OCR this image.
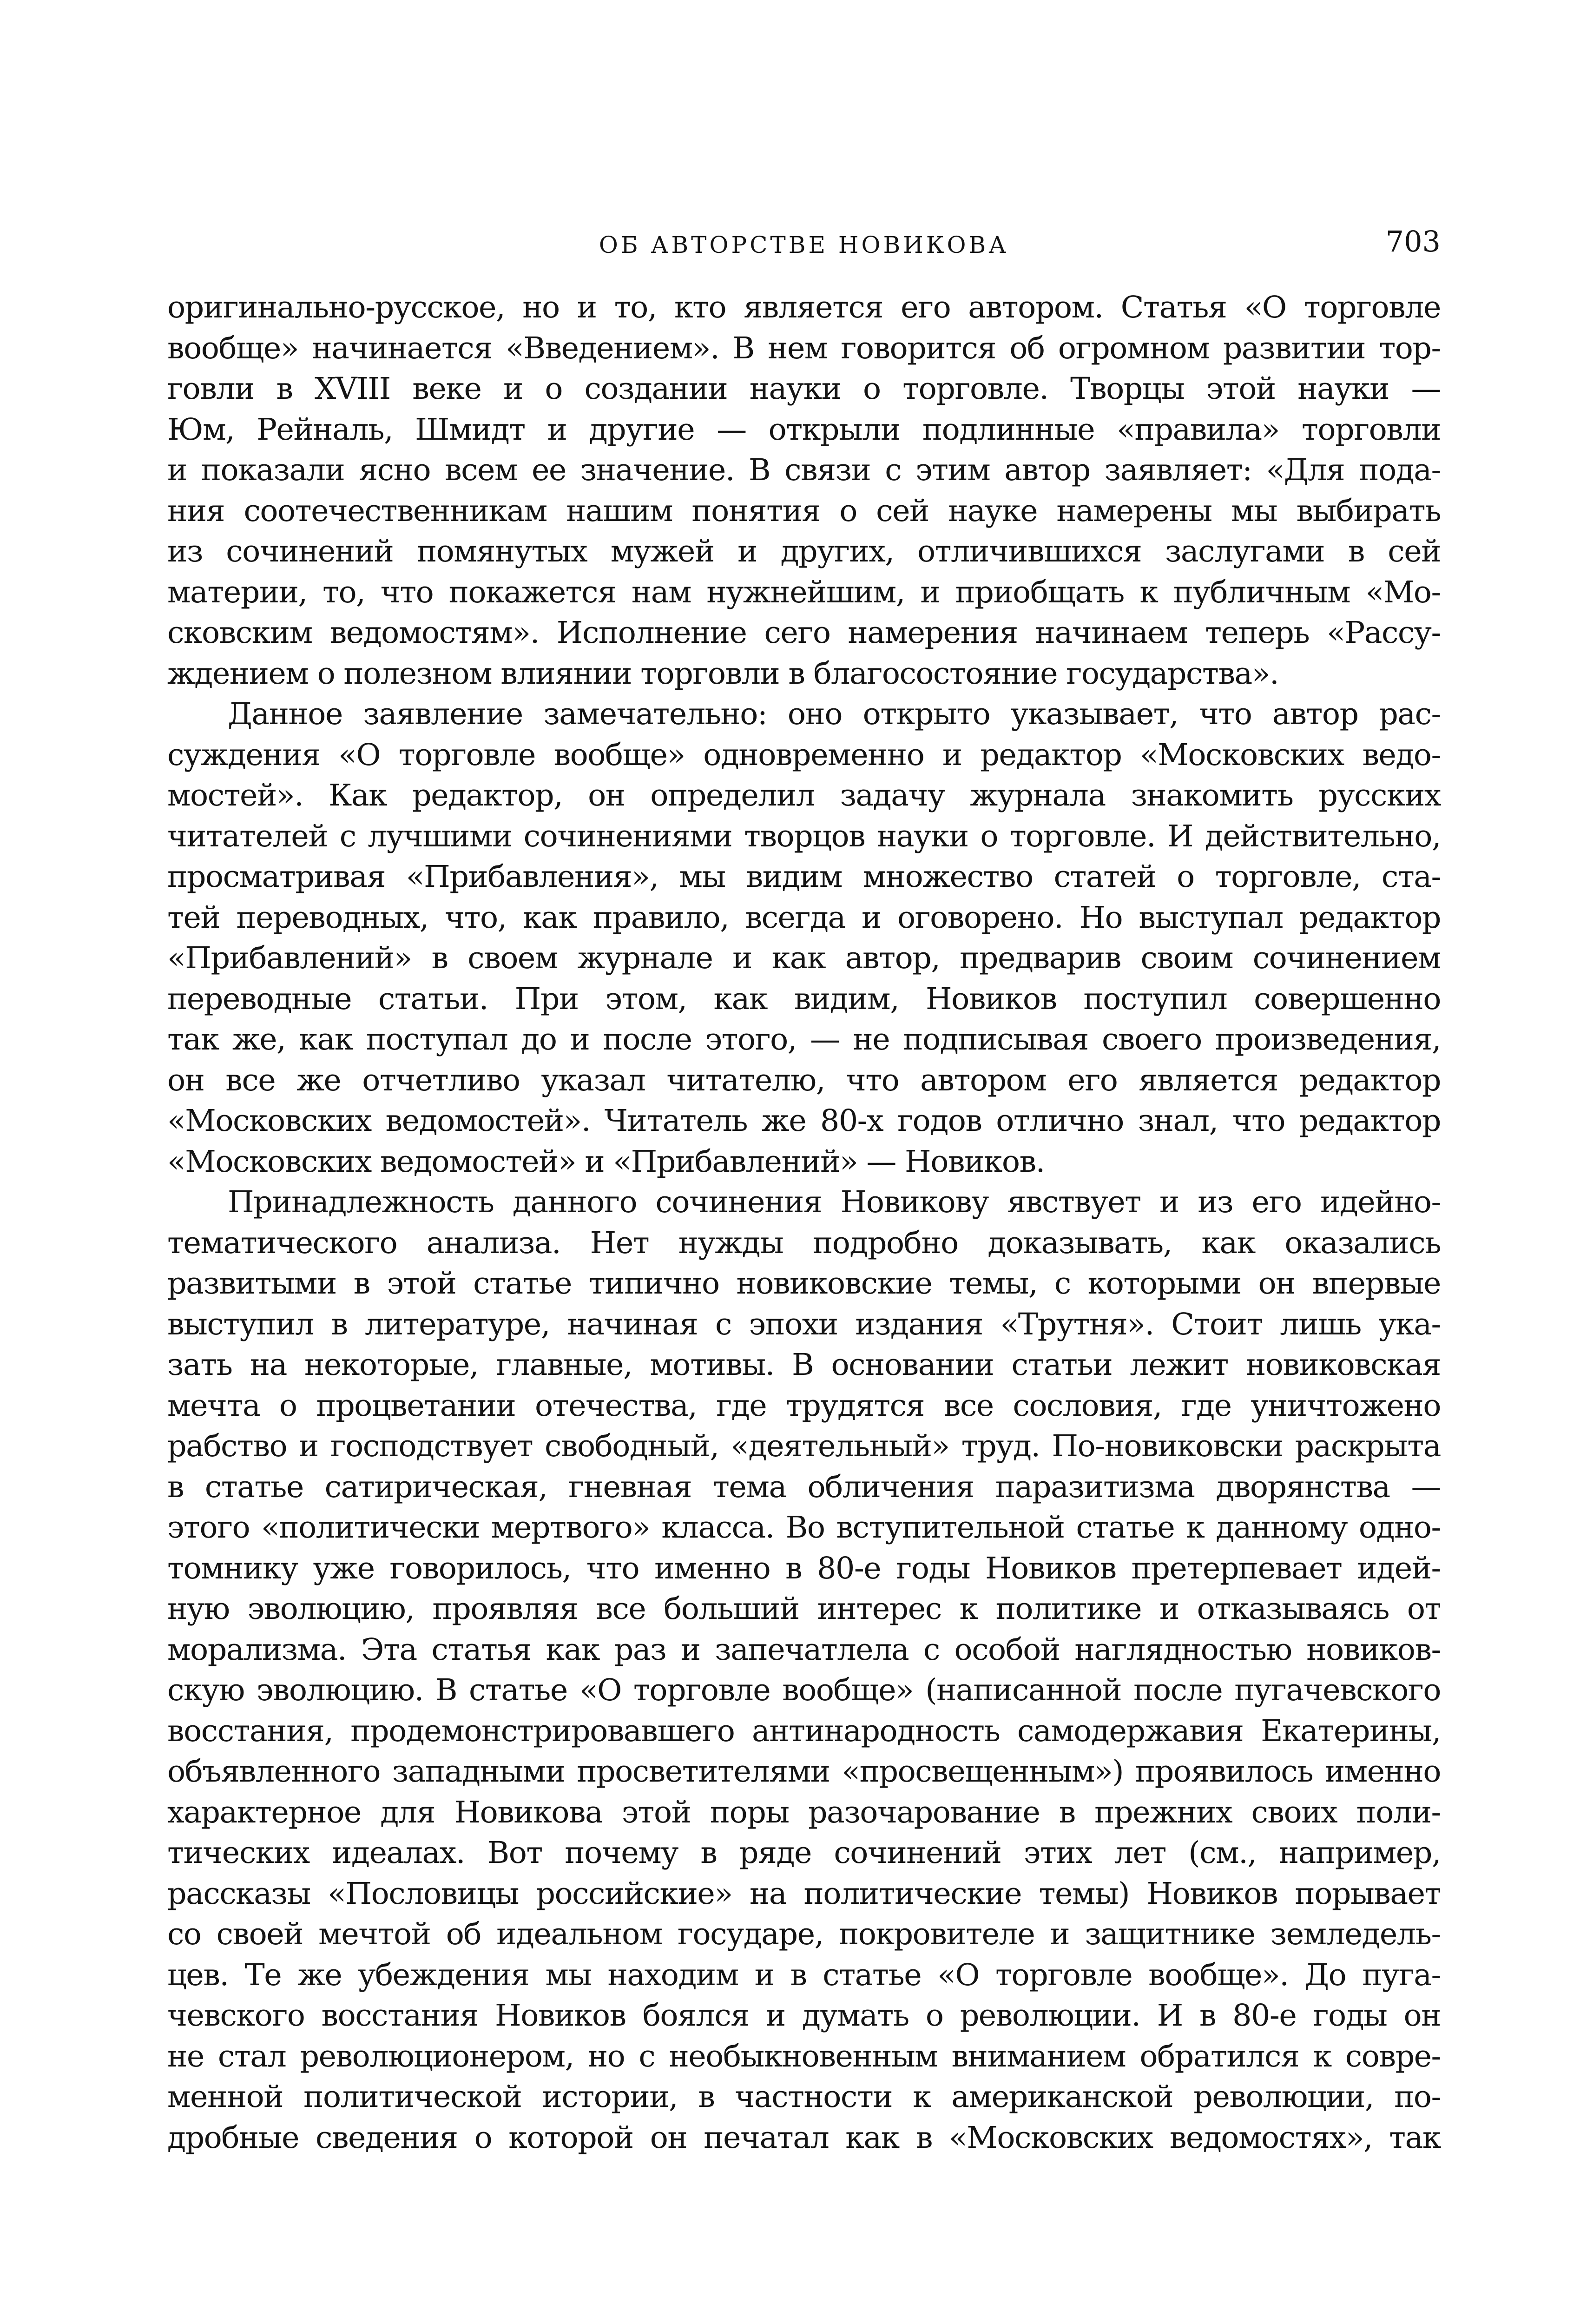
ОБ АВТОРСТВЕ НОВИКОВА	703
оригинально-русское, но и то, кто является его автором. Статья «О торговле
вообще» начинается «Введением». В нем говорится об огромном развитии тор-
говли в XVIII веке и о создании науки о торговле. Творцы этой науки —
Юм, Рейналь, Шмидт и другие — открыли подлинные «правила» торговли
и показали ясно всем ее значение. В связи с этим автор заявляет: «Для пода-
ния соотечественникам нашим понятия о сей науке намерены мы выбирать
из сочинений помянутых мужей и других, отличившихся заслугами в сей
материи, то, что покажется нам нужнейшим, и приобщать к публичным «Мо-
сковским ведомостям». Исполнение сего намерения начинаем теперь «Рассу-
ждением о полезном влиянии торговли в благосостояние государства».
Данное заявление замечательно: оно открыто указывает, что автор рас-
суждения «О торговле вообще» одновременно и редактор «Московских ведо-
мостей». Как редактор, он определил задачу журнала знакомить русских
читателей с лучшими сочинениями творцов науки о торговле. И действительно,
просматривая «Прибавления», мы видим множество статей о торговле, ста-
тей переводных, что, как правило, всегда и оговорено. Но выступал редактор
«Прибавлений» в своем журнале и как автор, предварив своим сочинением
переводные статьи. При этом, как видим, Новиков поступил совершенно
так же, как поступал до и после этого, — не подписывая своего произведения,
он все же отчетливо указал читателю, что автором его является редактор
«Московских ведомостей». Читатель же 80-х годов отлично знал, что редактор
«Московских ведомостей» и «Прибавлений» — Новиков.
Принадлежность данного сочинения Новикову явствует и из его идейно-
тематического анализа. Нет нужды подробно доказывать, как оказались
развитыми в этой статье типично новиковские темы, с которыми он впервые
выступил в литературе, начиная с эпохи издания «Трутня». Стоит лишь ука-
зать на некоторые, главные, мотивы. В основании статьи лежит новиковская
мечта о процветании отечества, где трудятся все сословия, где уничтожено
рабство и господствует свободный, «деятельный» труд. По-новиковски раскрыта
в статье сатирическая, гневная тема обличения паразитизма дворянства —
этого «политически мертвого» класса. Во вступительной статье к данному одно-
томнику уже говорилось, что именно в 80-е годы Новиков претерпевает идей-
ную эволюцию, проявляя все больший интерес к политике и отказываясь от
морализма. Эта статья как раз и запечатлела с особой наглядностью новиков-
скую эволюцию. В статье «О торговле вообще» (написанной после пугачевского
восстания, продемонстрировавшего антинародность самодержавия Екатерины,
объявленного западными просветителями «просвещенным») проявилось именно
характерное для Новикова этой поры разочарование в прежних своих поли-
тических идеалах. Вот почему в ряде сочинений этих лет (см., например,
рассказы «Пословицы российские» на политические темы) Новиков порывает
со своей мечтой об идеальном государе, покровителе и защитнике земледель-
цев. Те же убеждения мы находим и в статье «О торговле вообще». До пуга-
чевского восстания Новиков боялся и думать о революции. И в 80-е годы он
не стал революционером, но с необыкновенным вниманием обратился к совре-
менной политической истории, в частности к американской революции, по-
дробные сведения о которой он печатал как в «Московских ведомостях», так
